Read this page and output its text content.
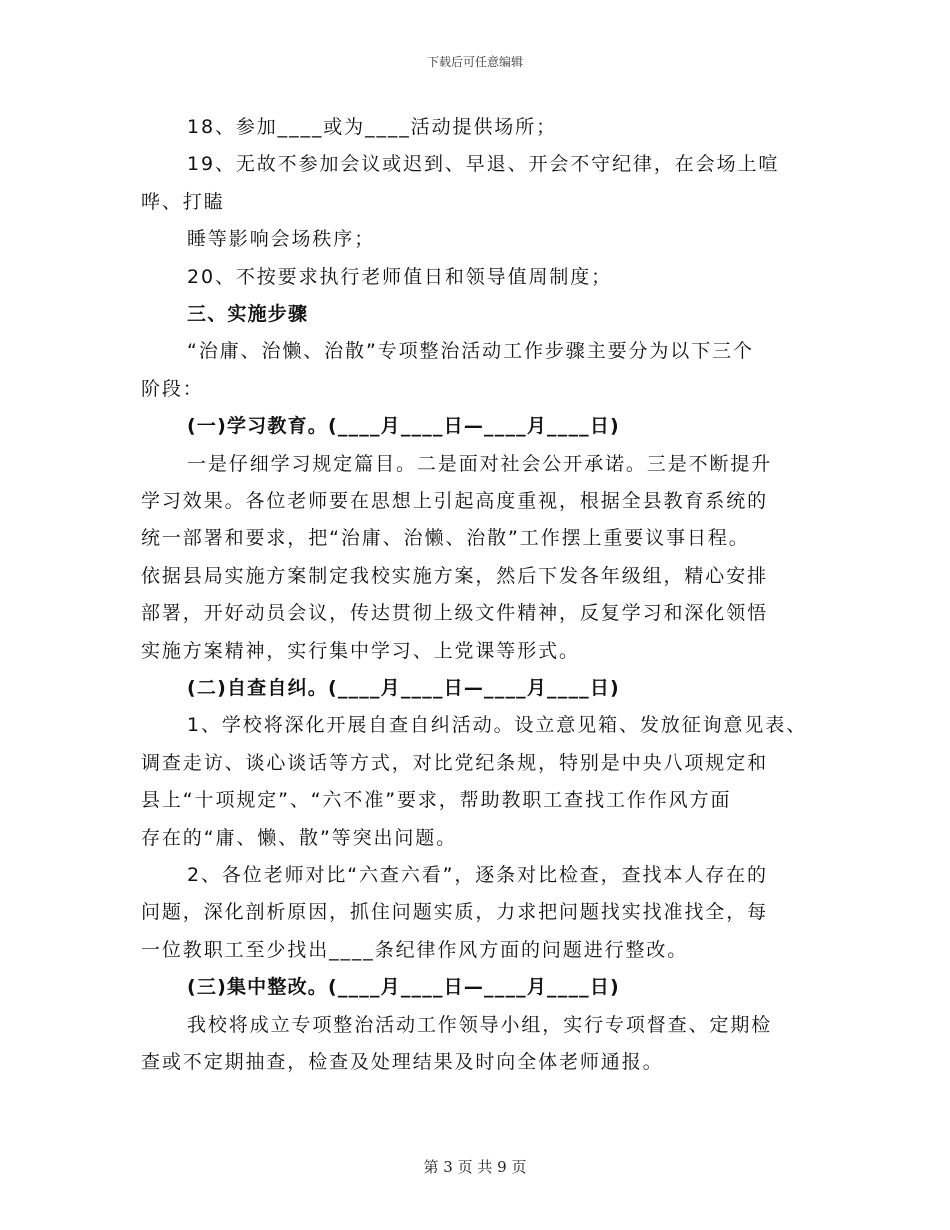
下载后可任意编辑
18、参加____或为____活动提供场所；
19、无故不参加会议或迟到、早退、开会不守纪律，在会场上喧
哗、打瞌
睡等影响会场秩序；
20、不按要求执行老师值日和领导值周制度；
三、实施步骤
“治庸、治懒、治散”专项整治活动工作步骤主要分为以下三个
阶段：
(一)学习教育。(____月____日—____月____日)
一是仔细学习规定篇目。二是面对社会公开承诺。三是不断提升
学习效果。各位老师要在思想上引起高度重视，根据全县教育系统的
统一部署和要求，把“治庸、治懒、治散”工作摆上重要议事日程。
依据县局实施方案制定我校实施方案，然后下发各年级组，精心安排
部署，开好动员会议，传达贯彻上级文件精神，反复学习和深化领悟
实施方案精神，实行集中学习、上党课等形式。
(二)自查自纠。(____月____日—____月____日)
1、学校将深化开展自查自纠活动。设立意见箱、发放征询意见表、
调查走访、谈心谈话等方式，对比党纪条规，特别是中央八项规定和
县上“十项规定”、“六不准”要求，帮助教职工查找工作作风方面
存在的“庸、懒、散”等突出问题。
2、各位老师对比“六查六看”，逐条对比检查，查找本人存在的
问题，深化剖析原因，抓住问题实质，力求把问题找实找准找全，每
一位教职工至少找出____条纪律作风方面的问题进行整改。
(三)集中整改。(____月____日—____月____日)
我校将成立专项整治活动工作领导小组，实行专项督查、定期检
查或不定期抽查，检查及处理结果及时向全体老师通报。
第 3 页 共 9 页
